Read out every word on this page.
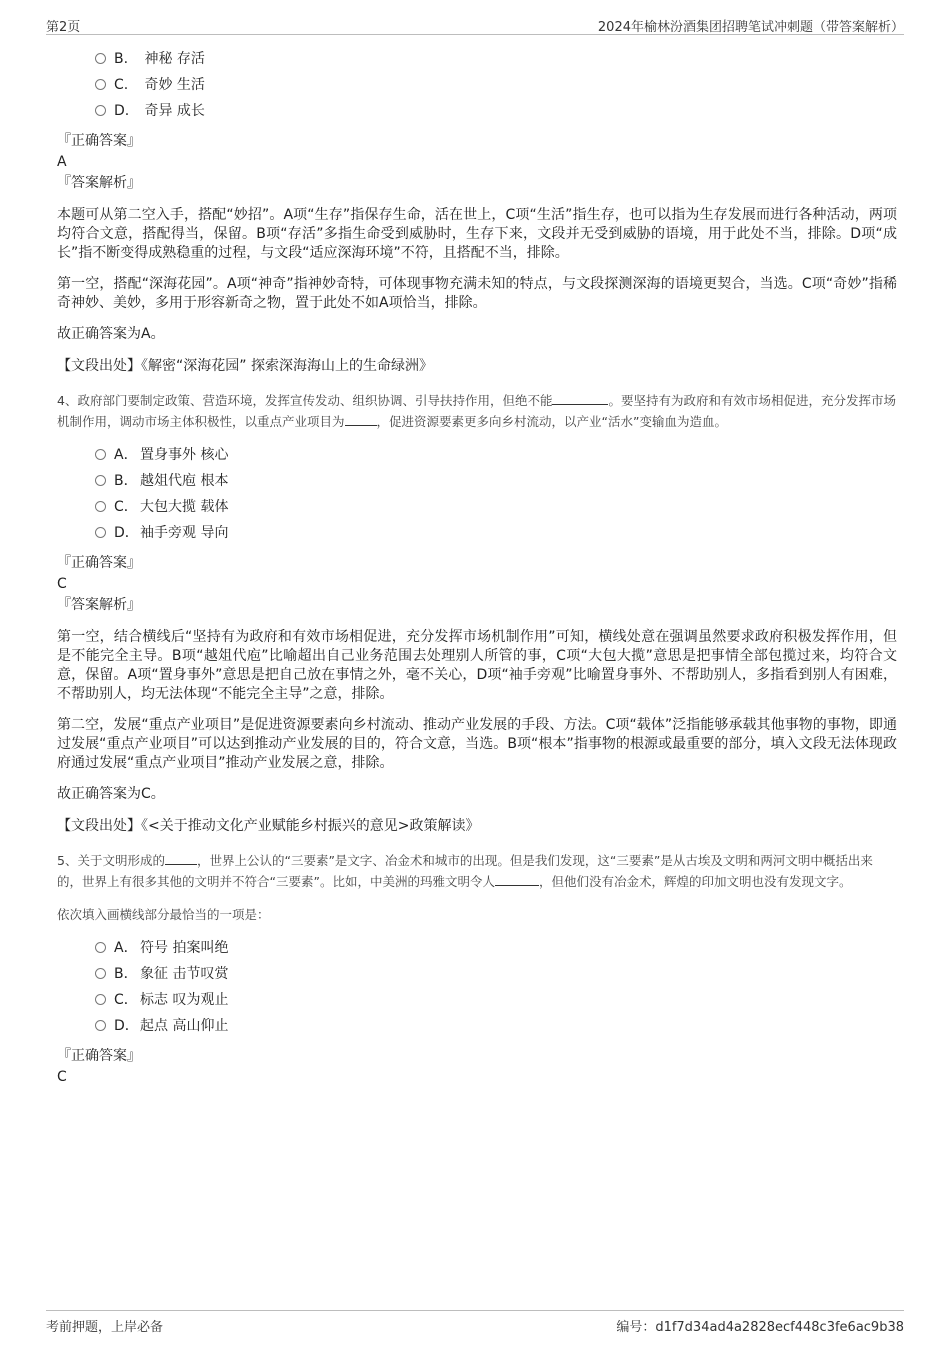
第2页	2024年榆林汾酒集团招聘笔试冲刺题（带答案解析）
B. 神秘 存活
C. 奇妙 生活
D. 奇异 成长
『正确答案』
A
『答案解析』
本题可从第二空入手，搭配“妙招”。A项“生存”指保存生命，活在世上，C项“生活”指生存，也可以指为生存发展而进行各种活动，两项均符合文意，搭配得当，保留。B项“存活”多指生命受到威胁时，生存下来，文段并无受到威胁的语境，用于此处不当，排除。D项“成长”指不断变得成熟稳重的过程，与文段“适应深海环境”不符，且搭配不当，排除。
第一空，搭配“深海花园”。A项“神奇”指神妙奇特，可体现事物充满未知的特点，与文段探测深海的语境更契合，当选。C项“奇妙”指稀奇神妙、美妙，多用于形容新奇之物，置于此处不如A项恰当，排除。
故正确答案为A。
【文段出处】《解密“深海花园” 探索深海海山上的生命绿洲》
4、政府部门要制定政策、营造环境，发挥宣传发动、组织协调、引导扶持作用，但绝不能	。要坚持有为政府和有效市场相促进，充分发挥市场机制作用，调动市场主体积极性，以重点产业项目为	，促进资源要素更多向乡村流动，以产业“活水”变输血为造血。
A． 置身事外 核心
B． 越俎代庖 根本
C． 大包大揽 载体
D．袖手旁观 导向
『正确答案』
C
『答案解析』
第一空，结合横线后“坚持有为政府和有效市场相促进，充分发挥市场机制作用”可知，横线处意在强调虽然要求政府积极发挥作用，但是不能完全主导。B项“越俎代庖”比喻超出自己业务范围去处理别人所管的事，C项“大包大揽”意思是把事情全部包揽过来，均符合文意，保留。A项“置身事外”意思是把自己放在事情之外，毫不关心，D项“袖手旁观”比喻置身事外、不帮助别人，多指看到别人有困难，不帮助别人，均无法体现“不能完全主导”之意，排除。
第二空，发展“重点产业项目”是促进资源要素向乡村流动、推动产业发展的手段、方法。C项“载体”泛指能够承载其他事物的事物，即通过发展“重点产业项目”可以达到推动产业发展的目的，符合文意，当选。B项“根本”指事物的根源或最重要的部分，填入文段无法体现政府通过发展“重点产业项目”推动产业发展之意，排除。
故正确答案为C。
【文段出处】《<关于推动文化产业赋能乡村振兴的意见>政策解读》
5、关于文明形成的	，世界上公认的“三要素”是文字、冶金术和城市的出现。但是我们发现，这“三要素”是从古埃及文明和两河文明中概括出来的，世界上有很多其他的文明并不符合“三要素”。比如，中美洲的玛雅文明令人	，但他们没有冶金术，辉煌的印加文明也没有发现文字。
依次填入画横线部分最恰当的一项是：
A． 符号 拍案叫绝
B． 象征 击节叹赏
C． 标志 叹为观止
D．起点 高山仰止
『正确答案』
C
考前押题，上岸必备	编号：d1f7d34ad4a2828ecf448c3fe6ac9b38
